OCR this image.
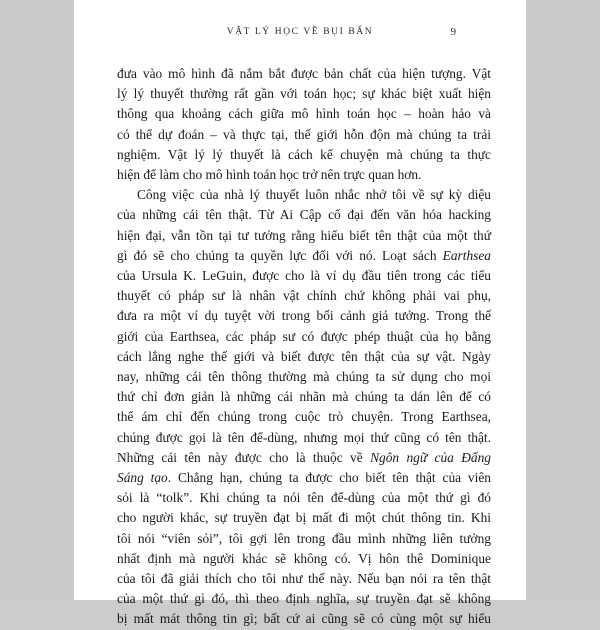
VẬT LÝ HỌC VỀ BỤI BẨN	9

đưa vào mô hình đã nắm bắt được bản chất của hiện tượng. Vật
lý lý thuyết thường rất gần với toán học; sự khác biệt xuất hiện
thông qua khoảng cách giữa mô hình toán học – hoàn hảo và
có thể dự đoán – và thực tại, thế giới hỗn độn mà chúng ta trải
nghiệm. Vật lý lý thuyết là cách kể chuyện mà chúng ta thực
hiện để làm cho mô hình toán học trở nên trực quan hơn.

Công việc của nhà lý thuyết luôn nhắc nhở tôi về sự kỳ diệu
của những cái tên thật. Từ Ai Cập cổ đại đến văn hóa hacking
hiện đại, vẫn tồn tại tư tưởng rằng hiểu biết tên thật của một thứ
gì đó sẽ cho chúng ta quyền lực đối với nó. Loạt sách Earthsea
của Ursula K. LeGuin, được cho là ví dụ đầu tiên trong các tiểu
thuyết có pháp sư là nhân vật chính chứ không phải vai phụ,
đưa ra một ví dụ tuyệt vời trong bối cảnh giả tưởng. Trong thế
giới của Earthsea, các pháp sư có được phép thuật của họ bằng
cách lắng nghe thế giới và biết được tên thật của sự vật. Ngày
nay, những cái tên thông thường mà chúng ta sử dụng cho mọi
thứ chỉ đơn giản là những cái nhãn mà chúng ta dán lên để có
thể ám chỉ đến chúng trong cuộc trò chuyện. Trong Earthsea,
chúng được gọi là tên để-dùng, nhưng mọi thứ cũng có tên thật.
Những cái tên này được cho là thuộc về Ngôn ngữ của Đấng
Sáng tạo. Chẳng hạn, chúng ta được cho biết tên thật của viên
sỏi là “tolk”. Khi chúng ta nói tên để-dùng của một thứ gì đó
cho người khác, sự truyền đạt bị mất đi một chút thông tin. Khi
tôi nói “viên sỏi”, tôi gợi lên trong đầu mình những liên tưởng
nhất định mà người khác sẽ không có. Vị hôn thê Dominique
của tôi đã giải thích cho tôi như thế này. Nếu bạn nói ra tên thật
của một thứ gì đó, thì theo định nghĩa, sự truyền đạt sẽ không
bị mất mát thông tin gì; bất cứ ai cũng sẽ có cùng một sự hiểu
